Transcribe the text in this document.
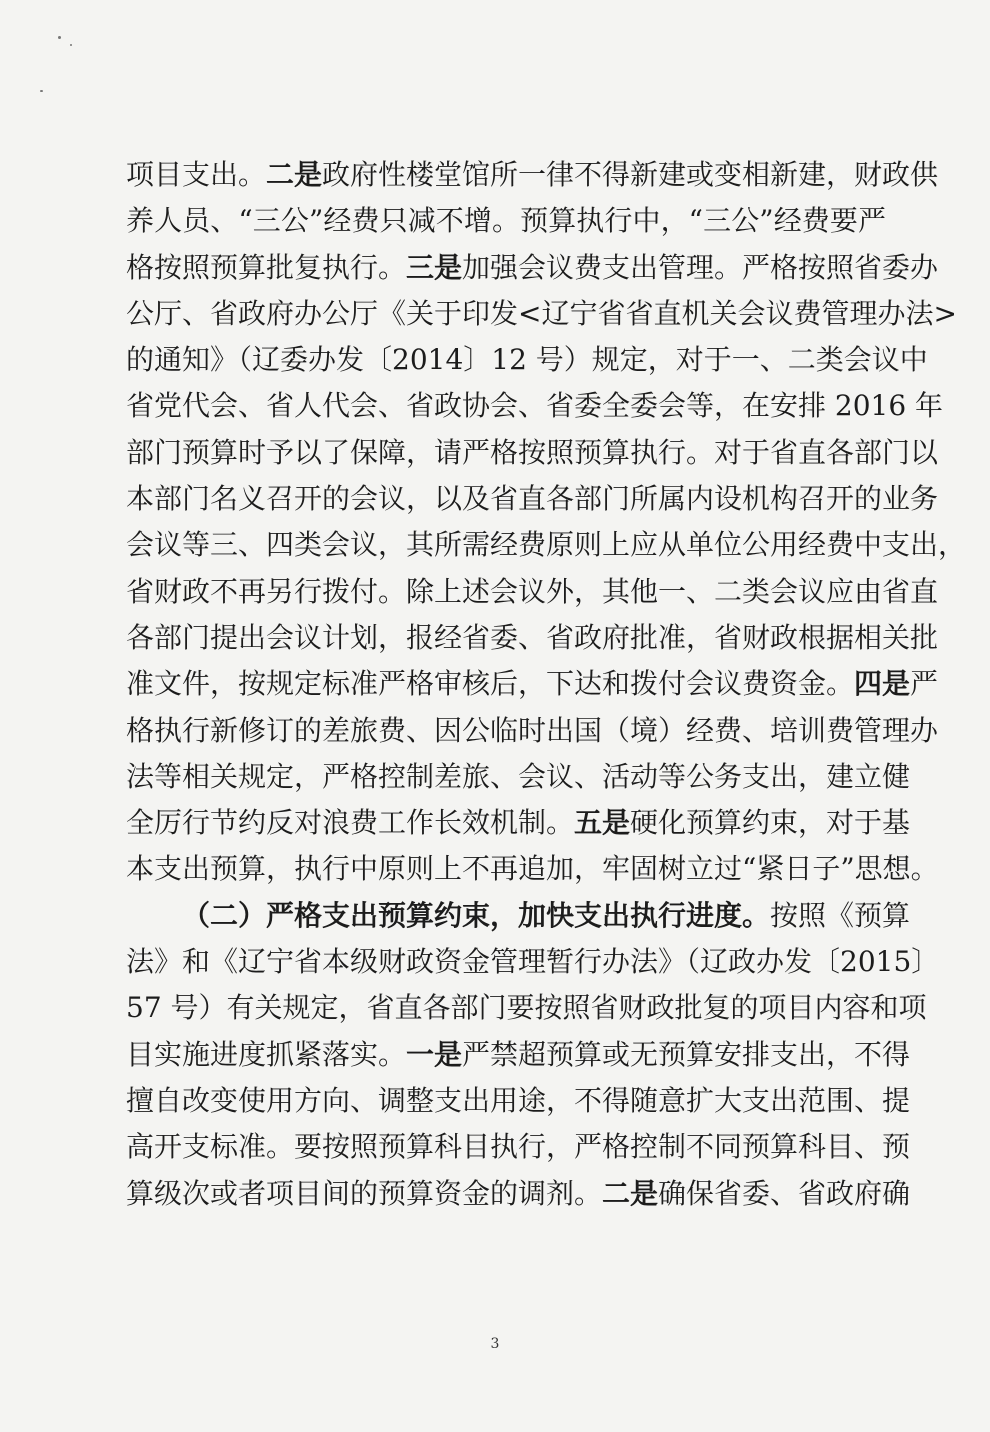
项目支出。二是政府性楼堂馆所一律不得新建或变相新建，财政供
养人员、“三公”经费只减不增。预算执行中，“三公”经费要严
格按照预算批复执行。三是加强会议费支出管理。严格按照省委办
公厅、省政府办公厅《关于印发<辽宁省省直机关会议费管理办法>
的通知》（辽委办发〔2014〕12 号）规定，对于一、二类会议中
省党代会、省人代会、省政协会、省委全委会等，在安排 2016 年
部门预算时予以了保障，请严格按照预算执行。对于省直各部门以
本部门名义召开的会议，以及省直各部门所属内设机构召开的业务
会议等三、四类会议，其所需经费原则上应从单位公用经费中支出，
省财政不再另行拨付。除上述会议外，其他一、二类会议应由省直
各部门提出会议计划，报经省委、省政府批准，省财政根据相关批
准文件，按规定标准严格审核后，下达和拨付会议费资金。四是严
格执行新修订的差旅费、因公临时出国（境）经费、培训费管理办
法等相关规定，严格控制差旅、会议、活动等公务支出，建立健
全厉行节约反对浪费工作长效机制。五是硬化预算约束，对于基
本支出预算，执行中原则上不再追加，牢固树立过“紧日子”思想。
（二）严格支出预算约束，加快支出执行进度。按照《预算
法》和《辽宁省本级财政资金管理暂行办法》（辽政办发〔2015〕
57 号）有关规定，省直各部门要按照省财政批复的项目内容和项
目实施进度抓紧落实。一是严禁超预算或无预算安排支出，不得
擅自改变使用方向、调整支出用途，不得随意扩大支出范围、提
高开支标准。要按照预算科目执行，严格控制不同预算科目、预
算级次或者项目间的预算资金的调剂。二是确保省委、省政府确
3
